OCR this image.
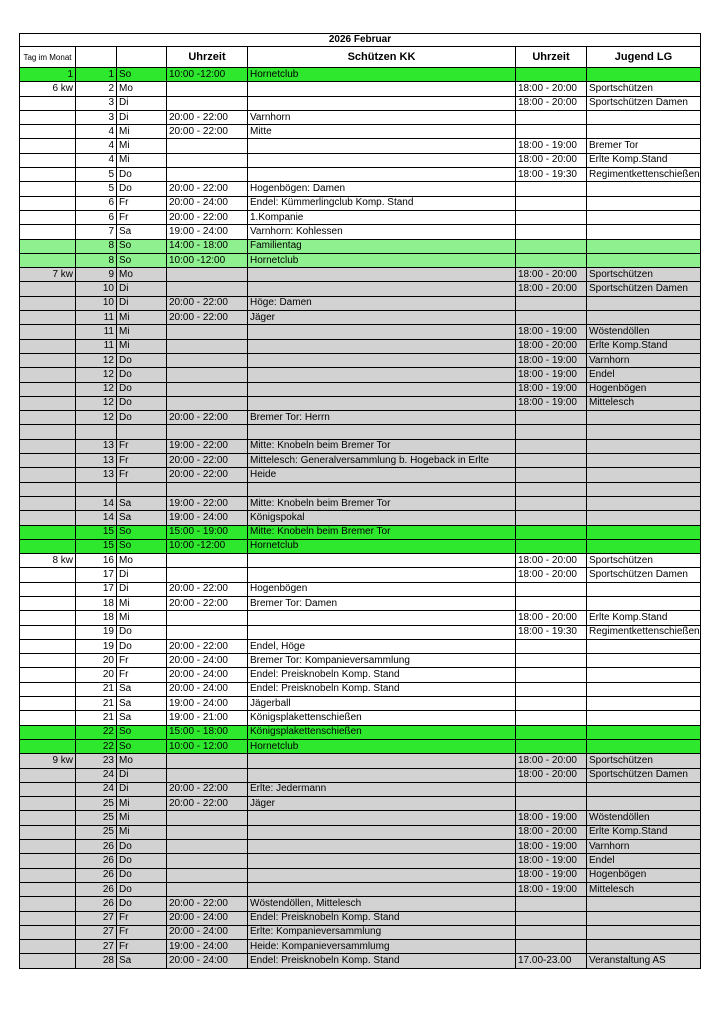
2026 Februar						
Tag im Monat			Uhrzeit	Schützen KK	Uhrzeit	Jugend LG
1	1	So	10:00 -12:00	Hornetclub		
6 kw	2	Mo			18:00 - 20:00	Sportschützen
	3	Di			18:00 - 20:00	Sportschützen Damen
	3	Di	20:00 - 22:00	Varnhorn		
	4	Mi	20:00 - 22:00	Mitte		
	4	Mi			18:00 - 19:00	Bremer Tor
	4	Mi			18:00 - 20:00	Erlte Komp.Stand
	5	Do			18:00 - 19:30	Regimentkettenschießen
	5	Do	20:00 - 22:00	Hogenbögen: Damen		
	6	Fr	20:00 - 24:00	Endel: Kümmerlingclub Komp. Stand		
	6	Fr	20:00 - 22:00	1.Kompanie		
	7	Sa	19:00 - 24:00	Varnhorn: Kohlessen		
	8	So	14:00 - 18:00	Familientag		
	8	So	10:00 -12:00	Hornetclub		
7 kw	9	Mo			18:00 - 20:00	Sportschützen
	10	Di			18:00 - 20:00	Sportschützen Damen
	10	Di	20:00 - 22:00	Höge: Damen		
	11	Mi	20:00 - 22:00	Jäger		
	11	Mi			18:00 - 19:00	Wöstendöllen
	11	Mi			18:00 - 20:00	Erlte Komp.Stand
	12	Do			18:00 - 19:00	Varnhorn
	12	Do			18:00 - 19:00	Endel
	12	Do			18:00 - 19:00	Hogenbögen
	12	Do			18:00 - 19:00	Mittelesch
	12	Do	20:00 - 22:00	Bremer Tor: Herrn		

	13	Fr	19:00 - 22:00	Mitte: Knobeln beim Bremer Tor		
	13	Fr	20:00 - 22:00	Mittelesch: Generalversammlung b. Hogeback in Erlte		
	13	Fr	20:00 - 22:00	Heide		

	14	Sa	19:00 - 22:00	Mitte: Knobeln beim Bremer Tor		
	14	Sa	19:00 - 24:00	Königspokal		
	15	So	15:00 - 19:00	Mitte: Knobeln beim Bremer Tor		
	15	So	10:00 -12:00	Hornetclub		
8 kw	16	Mo			18:00 - 20:00	Sportschützen
	17	Di			18:00 - 20:00	Sportschützen Damen
	17	Di	20:00 - 22:00	Hogenbögen		
	18	Mi	20:00 - 22:00	Bremer Tor: Damen		
	18	Mi			18:00 - 20:00	Erlte Komp.Stand
	19	Do			18:00 - 19:30	Regimentkettenschießen
	19	Do	20:00 - 22:00	Endel, Höge		
	20	Fr	20:00 - 24:00	Bremer Tor: Kompanieversammlung		
	20	Fr	20:00 - 24:00	Endel: Preisknobeln Komp. Stand		
	21	Sa	20:00 - 24:00	Endel: Preisknobeln Komp. Stand		
	21	Sa	19:00 - 24:00	Jägerball		
	21	Sa	19:00 - 21:00	Königsplakettenschießen		
	22	So	15:00 - 18:00	Königsplakettenschießen		
	22	So	10:00 - 12:00	Hornetclub		
9 kw	23	Mo			18:00 - 20:00	Sportschützen
	24	Di			18:00 - 20:00	Sportschützen Damen
	24	Di	20:00 - 22:00	Erlte: Jedermann		
	25	Mi	20:00 - 22:00	Jäger		
	25	Mi			18:00 - 19:00	Wöstendöllen
	25	Mi			18:00 - 20:00	Erlte Komp.Stand
	26	Do			18:00 - 19:00	Varnhorn
	26	Do			18:00 - 19:00	Endel
	26	Do			18:00 - 19:00	Hogenbögen
	26	Do			18:00 - 19:00	Mittelesch
	26	Do	20:00 - 22:00	Wöstendöllen, Mittelesch		
	27	Fr	20:00 - 24:00	Endel: Preisknobeln Komp. Stand		
	27	Fr	20:00 - 24:00	Erlte: Kompanieversammlung		
	27	Fr	19:00 - 24:00	Heide: Kompanieversammlumg		
	28	Sa	20:00 - 24:00	Endel: Preisknobeln Komp. Stand	17.00-23.00	Veranstaltung AS
